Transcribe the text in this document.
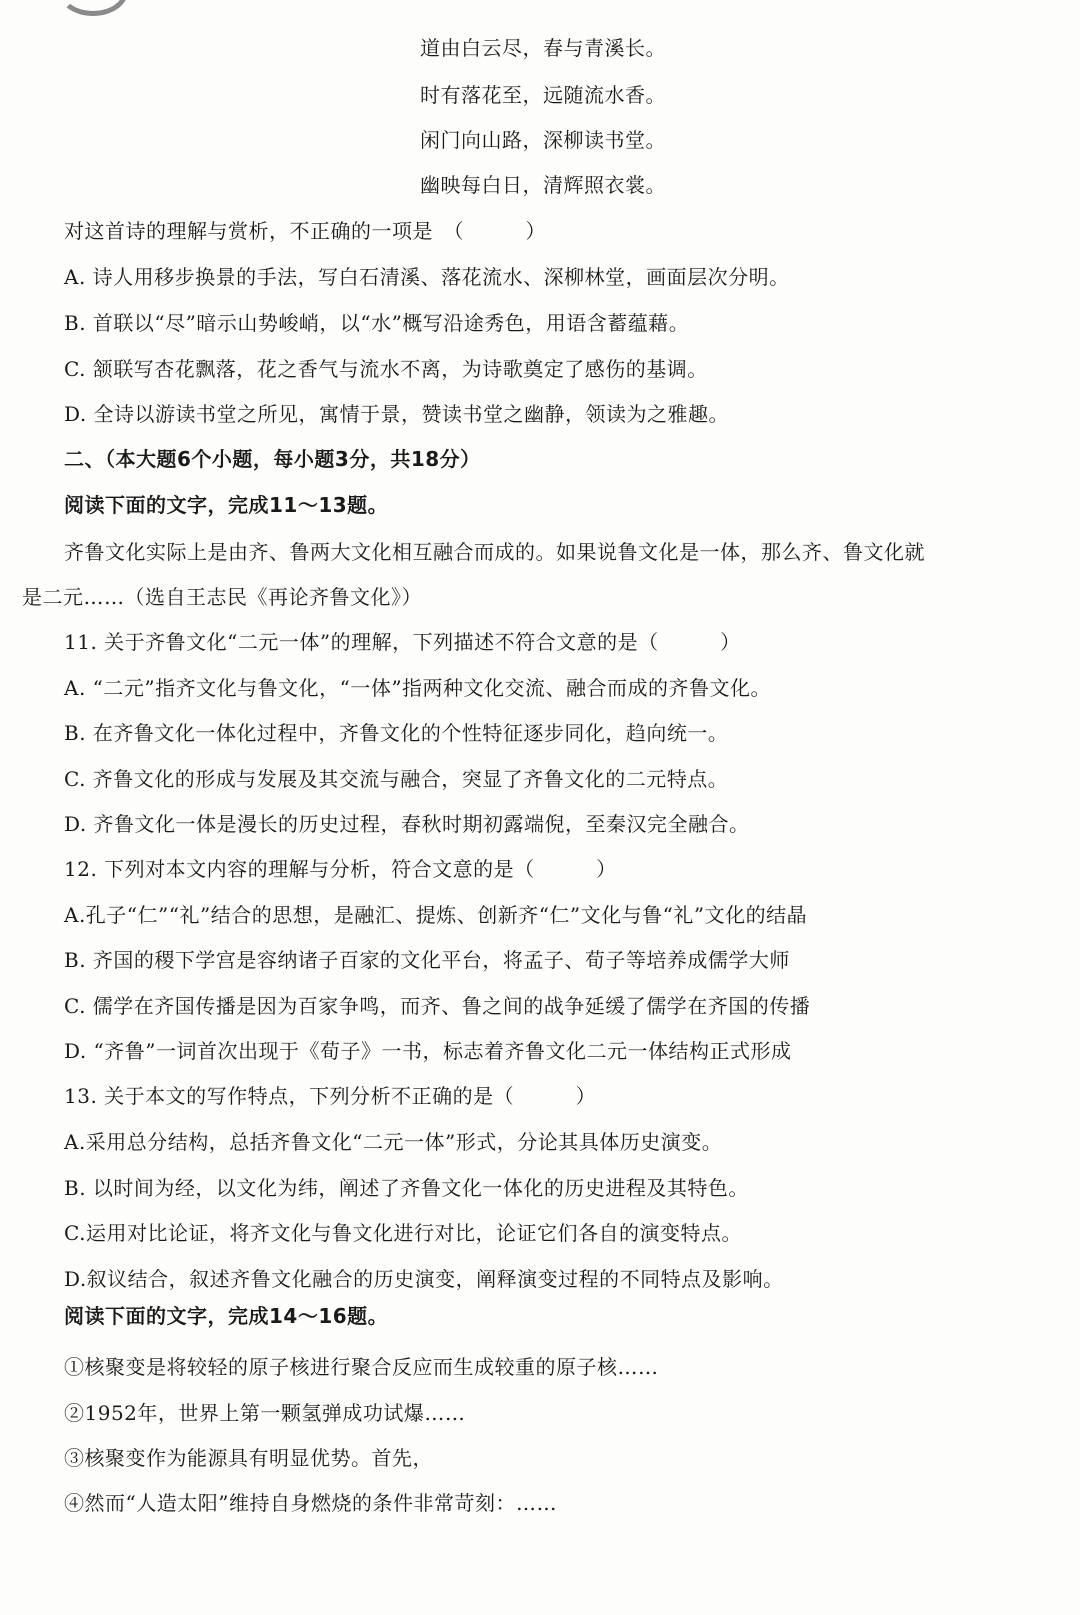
道由白云尽，春与青溪长。
时有落花至，远随流水香。
闲门向山路，深柳读书堂。
幽映每白日，清辉照衣裳。
对这首诗的理解与赏析，不正确的一项是　（　　　）
A. 诗人用移步换景的手法，写白石清溪、落花流水、深柳林堂，画面层次分明。
B. 首联以“尽”暗示山势峻峭，以“水”概写沿途秀色，用语含蓄蕴藉。
C. 颔联写杏花飘落，花之香气与流水不离，为诗歌奠定了感伤的基调。
D. 全诗以游读书堂之所见，寓情于景，赞读书堂之幽静，领读为之雅趣。
二、（本大题6个小题，每小题3分，共18分）
阅读下面的文字，完成11～13题。
齐鲁文化实际上是由齐、鲁两大文化相互融合而成的。如果说鲁文化是一体，那么齐、鲁文化就
是二元……（选自王志民《再论齐鲁文化》）
11. 关于齐鲁文化“二元一体”的理解，下列描述不符合文意的是（　　　）
A. “二元”指齐文化与鲁文化，“一体”指两种文化交流、融合而成的齐鲁文化。
B. 在齐鲁文化一体化过程中，齐鲁文化的个性特征逐步同化，趋向统一。
C. 齐鲁文化的形成与发展及其交流与融合，突显了齐鲁文化的二元特点。
D. 齐鲁文化一体是漫长的历史过程，春秋时期初露端倪，至秦汉完全融合。
12. 下列对本文内容的理解与分析，符合文意的是（　　　）
A.孔子“仁”“礼”结合的思想，是融汇、提炼、创新齐“仁”文化与鲁“礼”文化的结晶
B. 齐国的稷下学宫是容纳诸子百家的文化平台，将孟子、荀子等培养成儒学大师
C. 儒学在齐国传播是因为百家争鸣，而齐、鲁之间的战争延缓了儒学在齐国的传播
D. “齐鲁”一词首次出现于《荀子》一书，标志着齐鲁文化二元一体结构正式形成
13. 关于本文的写作特点，下列分析不正确的是（　　　）
A.采用总分结构，总括齐鲁文化“二元一体”形式，分论其具体历史演变。
B. 以时间为经，以文化为纬，阐述了齐鲁文化一体化的历史进程及其特色。
C.运用对比论证，将齐文化与鲁文化进行对比，论证它们各自的演变特点。
D.叙议结合，叙述齐鲁文化融合的历史演变，阐释演变过程的不同特点及影响。
阅读下面的文字，完成14～16题。
①核聚变是将较轻的原子核进行聚合反应而生成较重的原子核……
②1952年，世界上第一颗氢弹成功试爆……
③核聚变作为能源具有明显优势。首先，
④然而“人造太阳”维持自身燃烧的条件非常苛刻：……
